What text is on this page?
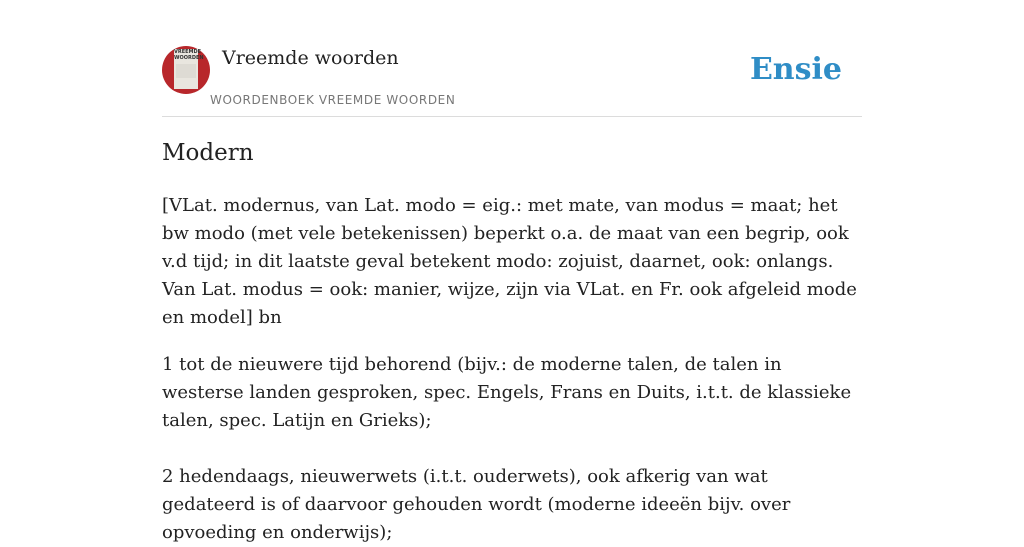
VREEMDE
WOORDEN Vreemde woorden
WOORDENBOEK VREEMDE WOORDEN
Ensie
Modern

[VLat. modernus, van Lat. modo = eig.: met mate, van modus = maat; het bw modo (met vele betekenissen) beperkt o.a. de maat van een begrip, ook v.d tijd; in dit laatste geval betekent modo: zojuist, daarnet, ook: onlangs. Van Lat. modus = ook: manier, wijze, zijn via VLat. en Fr. ook afgeleid mode en model] bn

1 tot de nieuwere tijd behorend (bijv.: de moderne talen, de talen in westerse landen gesproken, spec. Engels, Frans en Duits, i.t.t. de klassieke talen, spec. Latijn en Grieks);

2 hedendaags, nieuwerwets (i.t.t. ouderwets), ook afkerig van wat gedateerd is of daarvoor gehouden wordt (moderne ideeën bijv. over opvoeding en onderwijs);
